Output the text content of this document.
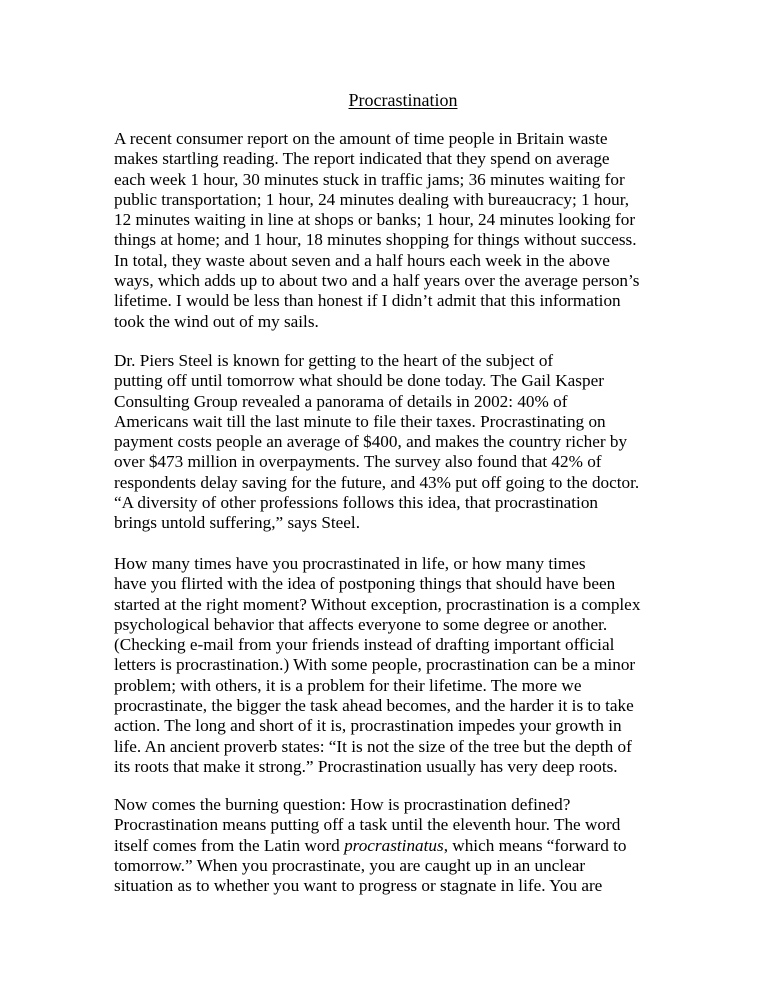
Procrastination

A recent consumer report on the amount of time people in Britain waste
makes startling reading. The report indicated that they spend on average
each week 1 hour, 30 minutes stuck in traffic jams; 36 minutes waiting for
public transportation; 1 hour, 24 minutes dealing with bureaucracy; 1 hour,
12 minutes waiting in line at shops or banks; 1 hour, 24 minutes looking for
things at home; and 1 hour, 18 minutes shopping for things without success.
In total, they waste about seven and a half hours each week in the above
ways, which adds up to about two and a half years over the average person’s
lifetime. I would be less than honest if I didn’t admit that this information
took the wind out of my sails.

Dr. Piers Steel is known for getting to the heart of the subject of
putting off until tomorrow what should be done today. The Gail Kasper
Consulting Group revealed a panorama of details in 2002: 40% of
Americans wait till the last minute to file their taxes. Procrastinating on
payment costs people an average of $400, and makes the country richer by
over $473 million in overpayments. The survey also found that 42% of
respondents delay saving for the future, and 43% put off going to the doctor.
“A diversity of other professions follows this idea, that procrastination
brings untold suffering,” says Steel.

How many times have you procrastinated in life, or how many times
have you flirted with the idea of postponing things that should have been
started at the right moment? Without exception, procrastination is a complex
psychological behavior that affects everyone to some degree or another.
(Checking e-mail from your friends instead of drafting important official
letters is procrastination.) With some people, procrastination can be a minor
problem; with others, it is a problem for their lifetime. The more we
procrastinate, the bigger the task ahead becomes, and the harder it is to take
action. The long and short of it is, procrastination impedes your growth in
life. An ancient proverb states: “It is not the size of the tree but the depth of
its roots that make it strong.” Procrastination usually has very deep roots.

Now comes the burning question: How is procrastination defined?
Procrastination means putting off a task until the eleventh hour. The word
itself comes from the Latin word procrastinatus, which means “forward to
tomorrow.” When you procrastinate, you are caught up in an unclear
situation as to whether you want to progress or stagnate in life. You are
